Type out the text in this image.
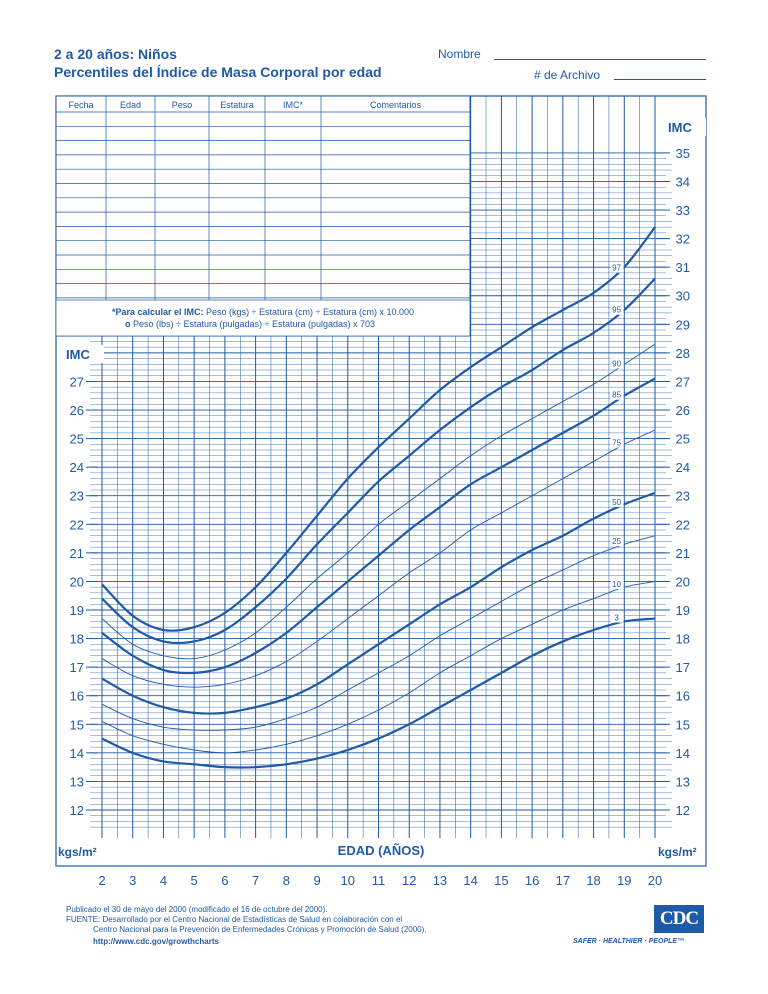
2 a 20 años: Niños
Percentiles del Índice de Masa Corporal por edad
Nombre
# de Archivo
Fecha	Edad	Peso	Estatura	IMC*	Comentarios
*Para calcular el IMC: Peso (kgs) ÷ Estatura (cm) ÷ Estatura (cm) x 10.000
o Peso (lbs) ÷ Estatura (pulgadas) ÷ Estatura (pulgadas) x 703
12
13
14
15
16
17
18
19
20
21
22
23
24
25
26
27
IMC
12
13
14
15
16
17
18
19
20
21
22
23
24
25
26
27
28
29
30
31
32
33
34
35
IMC
kgs/m²	kgs/m²
EDAD (AÑOS)
2 3 4 5 6 7 8 9 10 11 12 13 14 15 16 17 18 19 20
3
10
25
50
75
85
90
95
97
Publicado el 30 de mayo del 2000 (modificado el 16 de octubre del 2000).
FUENTE: Desarrollado por el Centro Nacional de Estadísticas de Salud en colaboración con el
Centro Nacional para la Prevención de Enfermedades Crónicas y Promoción de Salud (2000).
http://www.cdc.gov/growthcharts
CDC
SAFER · HEALTHIER · PEOPLE™
